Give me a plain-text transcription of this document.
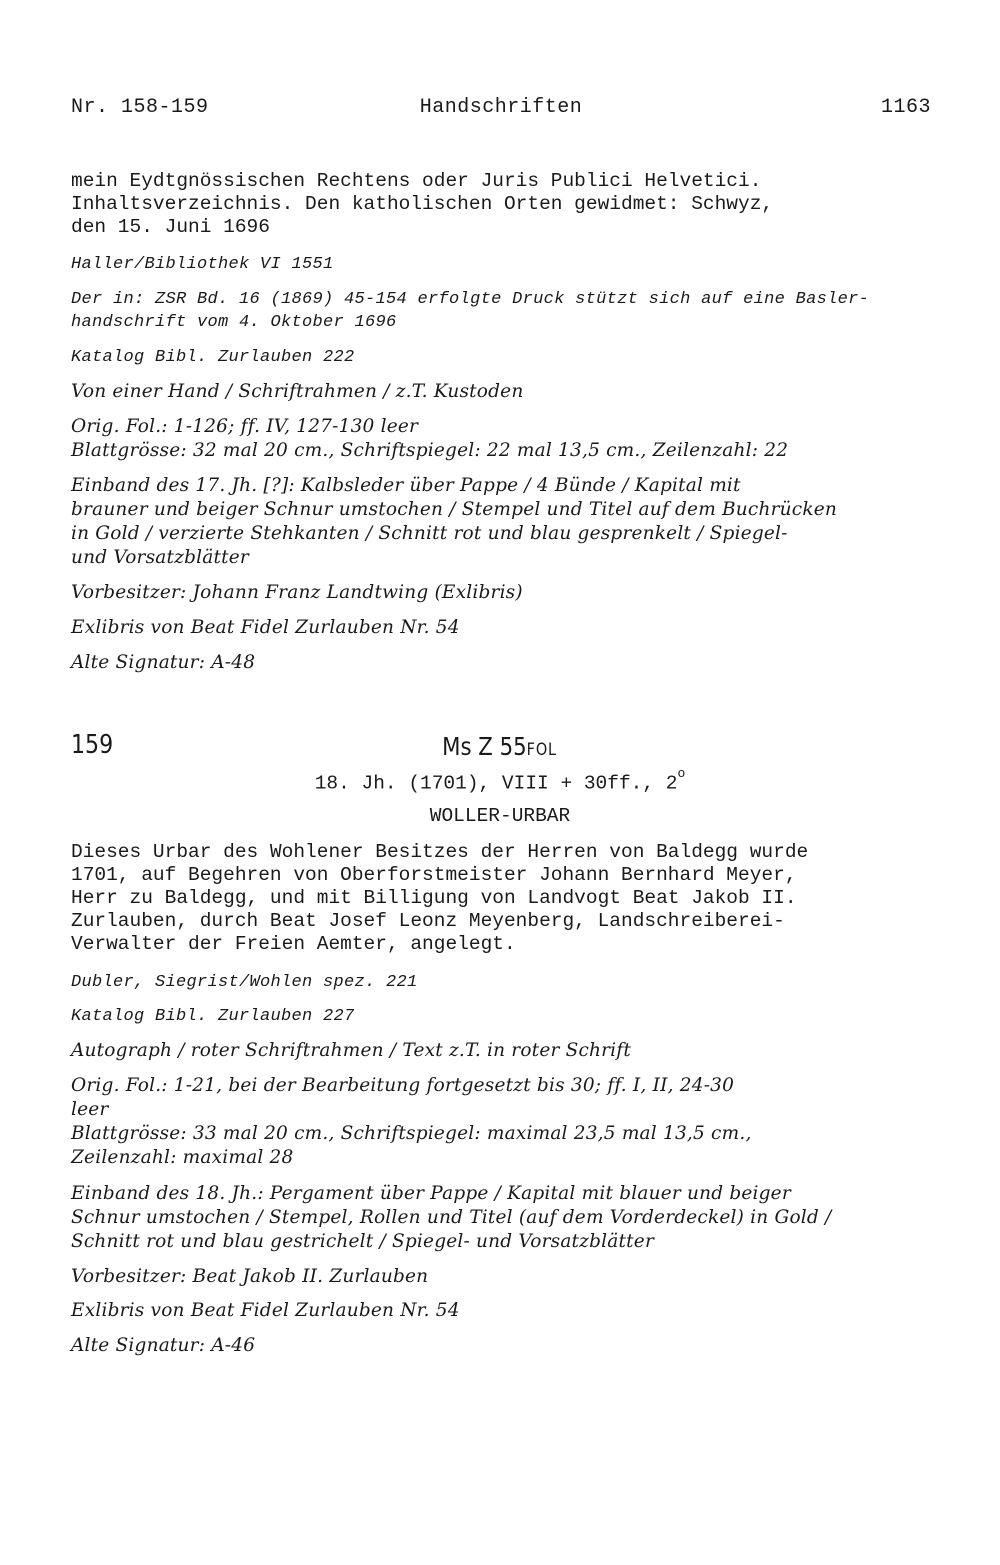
Nr. 158-159	Handschriften	1163
mein Eydtgnössischen Rechtens oder Juris Publici Helvetici.
Inhaltsverzeichnis. Den katholischen Orten gewidmet: Schwyz,
den 15. Juni 1696
Haller/Bibliothek VI 1551
Der in: ZSR Bd. 16 (1869) 45-154 erfolgte Druck stützt sich auf eine Basler-
handschrift vom 4. Oktober 1696
Katalog Bibl. Zurlauben 222
Von einer Hand / Schriftrahmen / z.T. Kustoden
Orig. Fol.: 1-126; ff. IV, 127-130 leer
Blattgrösse: 32 mal 20 cm., Schriftspiegel: 22 mal 13,5 cm., Zeilenzahl: 22
Einband des 17. Jh. [?]: Kalbsleder über Pappe / 4 Bünde / Kapital mit
brauner und beiger Schnur umstochen / Stempel und Titel auf dem Buchrücken
in Gold / verzierte Stehkanten / Schnitt rot und blau gesprenkelt / Spiegel-
und Vorsatzblätter
Vorbesitzer: Johann Franz Landtwing (Exlibris)
Exlibris von Beat Fidel Zurlauben Nr. 54
Alte Signatur: A-48
159	Ms Z 55FOL
18. Jh. (1701), VIII + 30ff., 2$^o$
WOLLER-URBAR
Dieses Urbar des Wohlener Besitzes der Herren von Baldegg wurde
1701, auf Begehren von Oberforstmeister Johann Bernhard Meyer,
Herr zu Baldegg, und mit Billigung von Landvogt Beat Jakob II.
Zurlauben, durch Beat Josef Leonz Meyenberg, Landschreiberei-
Verwalter der Freien Aemter, angelegt.
Dubler, Siegrist/Wohlen spez. 221
Katalog Bibl. Zurlauben 227
Autograph / roter Schriftrahmen / Text z.T. in roter Schrift
Orig. Fol.: 1-21, bei der Bearbeitung fortgesetzt bis 30; ff. I, II, 24-30
leer
Blattgrösse: 33 mal 20 cm., Schriftspiegel: maximal 23,5 mal 13,5 cm.,
Zeilenzahl: maximal 28
Einband des 18. Jh.: Pergament über Pappe / Kapital mit blauer und beiger
Schnur umstochen / Stempel, Rollen und Titel (auf dem Vorderdeckel) in Gold /
Schnitt rot und blau gestrichelt / Spiegel- und Vorsatzblätter
Vorbesitzer: Beat Jakob II. Zurlauben
Exlibris von Beat Fidel Zurlauben Nr. 54
Alte Signatur: A-46
